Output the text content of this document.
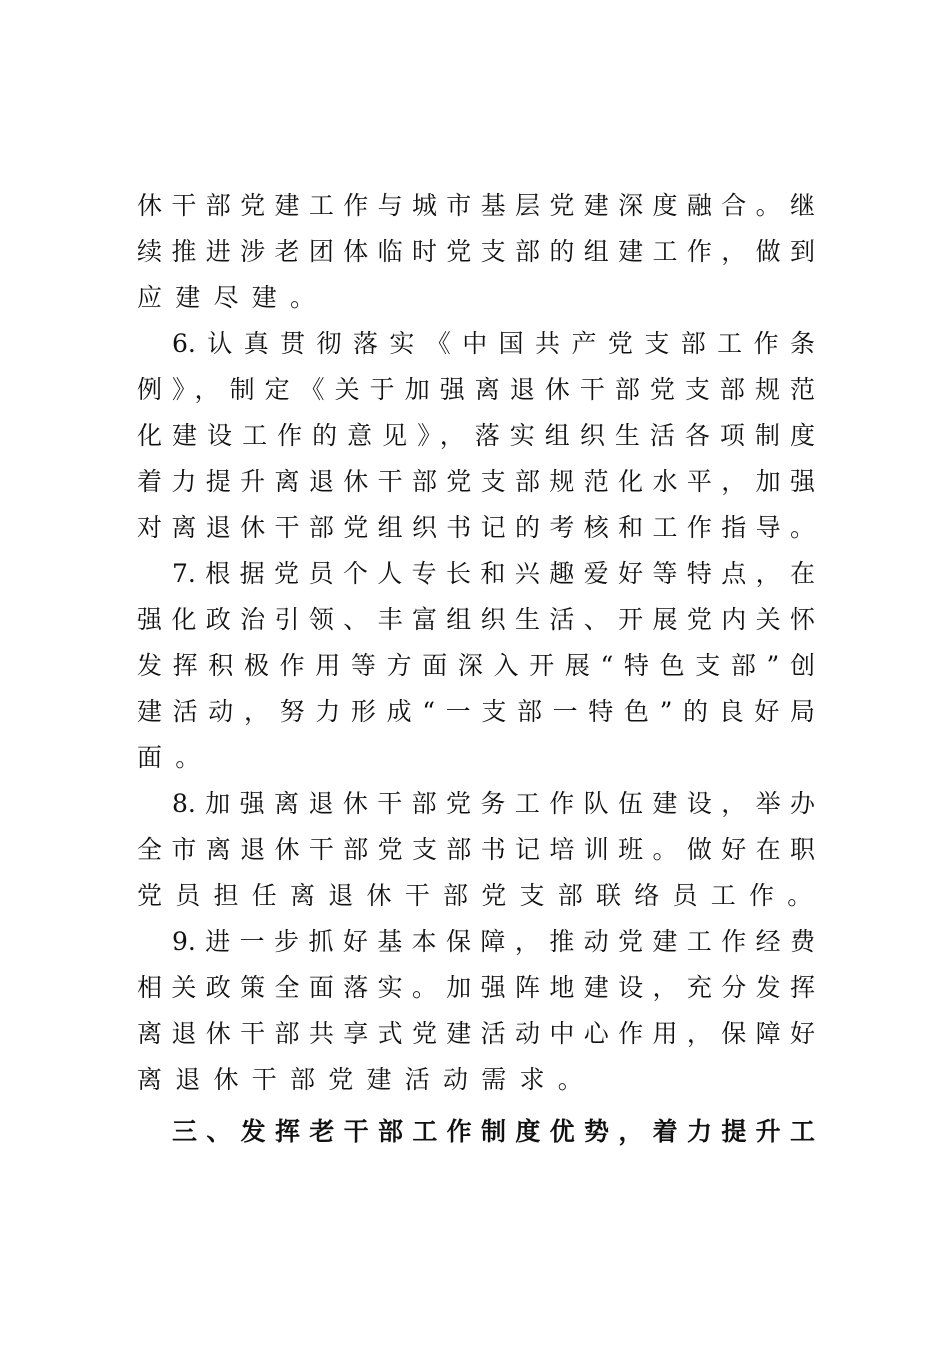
休干部党建工作与城市基层党建深度融合。继
续推进涉老团体临时党支部的组建工作，做到
应建尽建。
6.认真贯彻落实《中国共产党支部工作条
例》，制定《关于加强离退休干部党支部规范
化建设工作的意见》，落实组织生活各项制度
着力提升离退休干部党支部规范化水平，加强
对离退休干部党组织书记的考核和工作指导。
7.根据党员个人专长和兴趣爱好等特点，在
强化政治引领、丰富组织生活、开展党内关怀
发挥积极作用等方面深入开展“特色支部”创
建活动，努力形成“一支部一特色”的良好局
面。
8.加强离退休干部党务工作队伍建设，举办
全市离退休干部党支部书记培训班。做好在职
党员担任离退休干部党支部联络员工作。
9.进一步抓好基本保障，推动党建工作经费
相关政策全面落实。加强阵地建设，充分发挥
离退休干部共享式党建活动中心作用，保障好
离退休干部党建活动需求。
三、发挥老干部工作制度优势，着力提升工
